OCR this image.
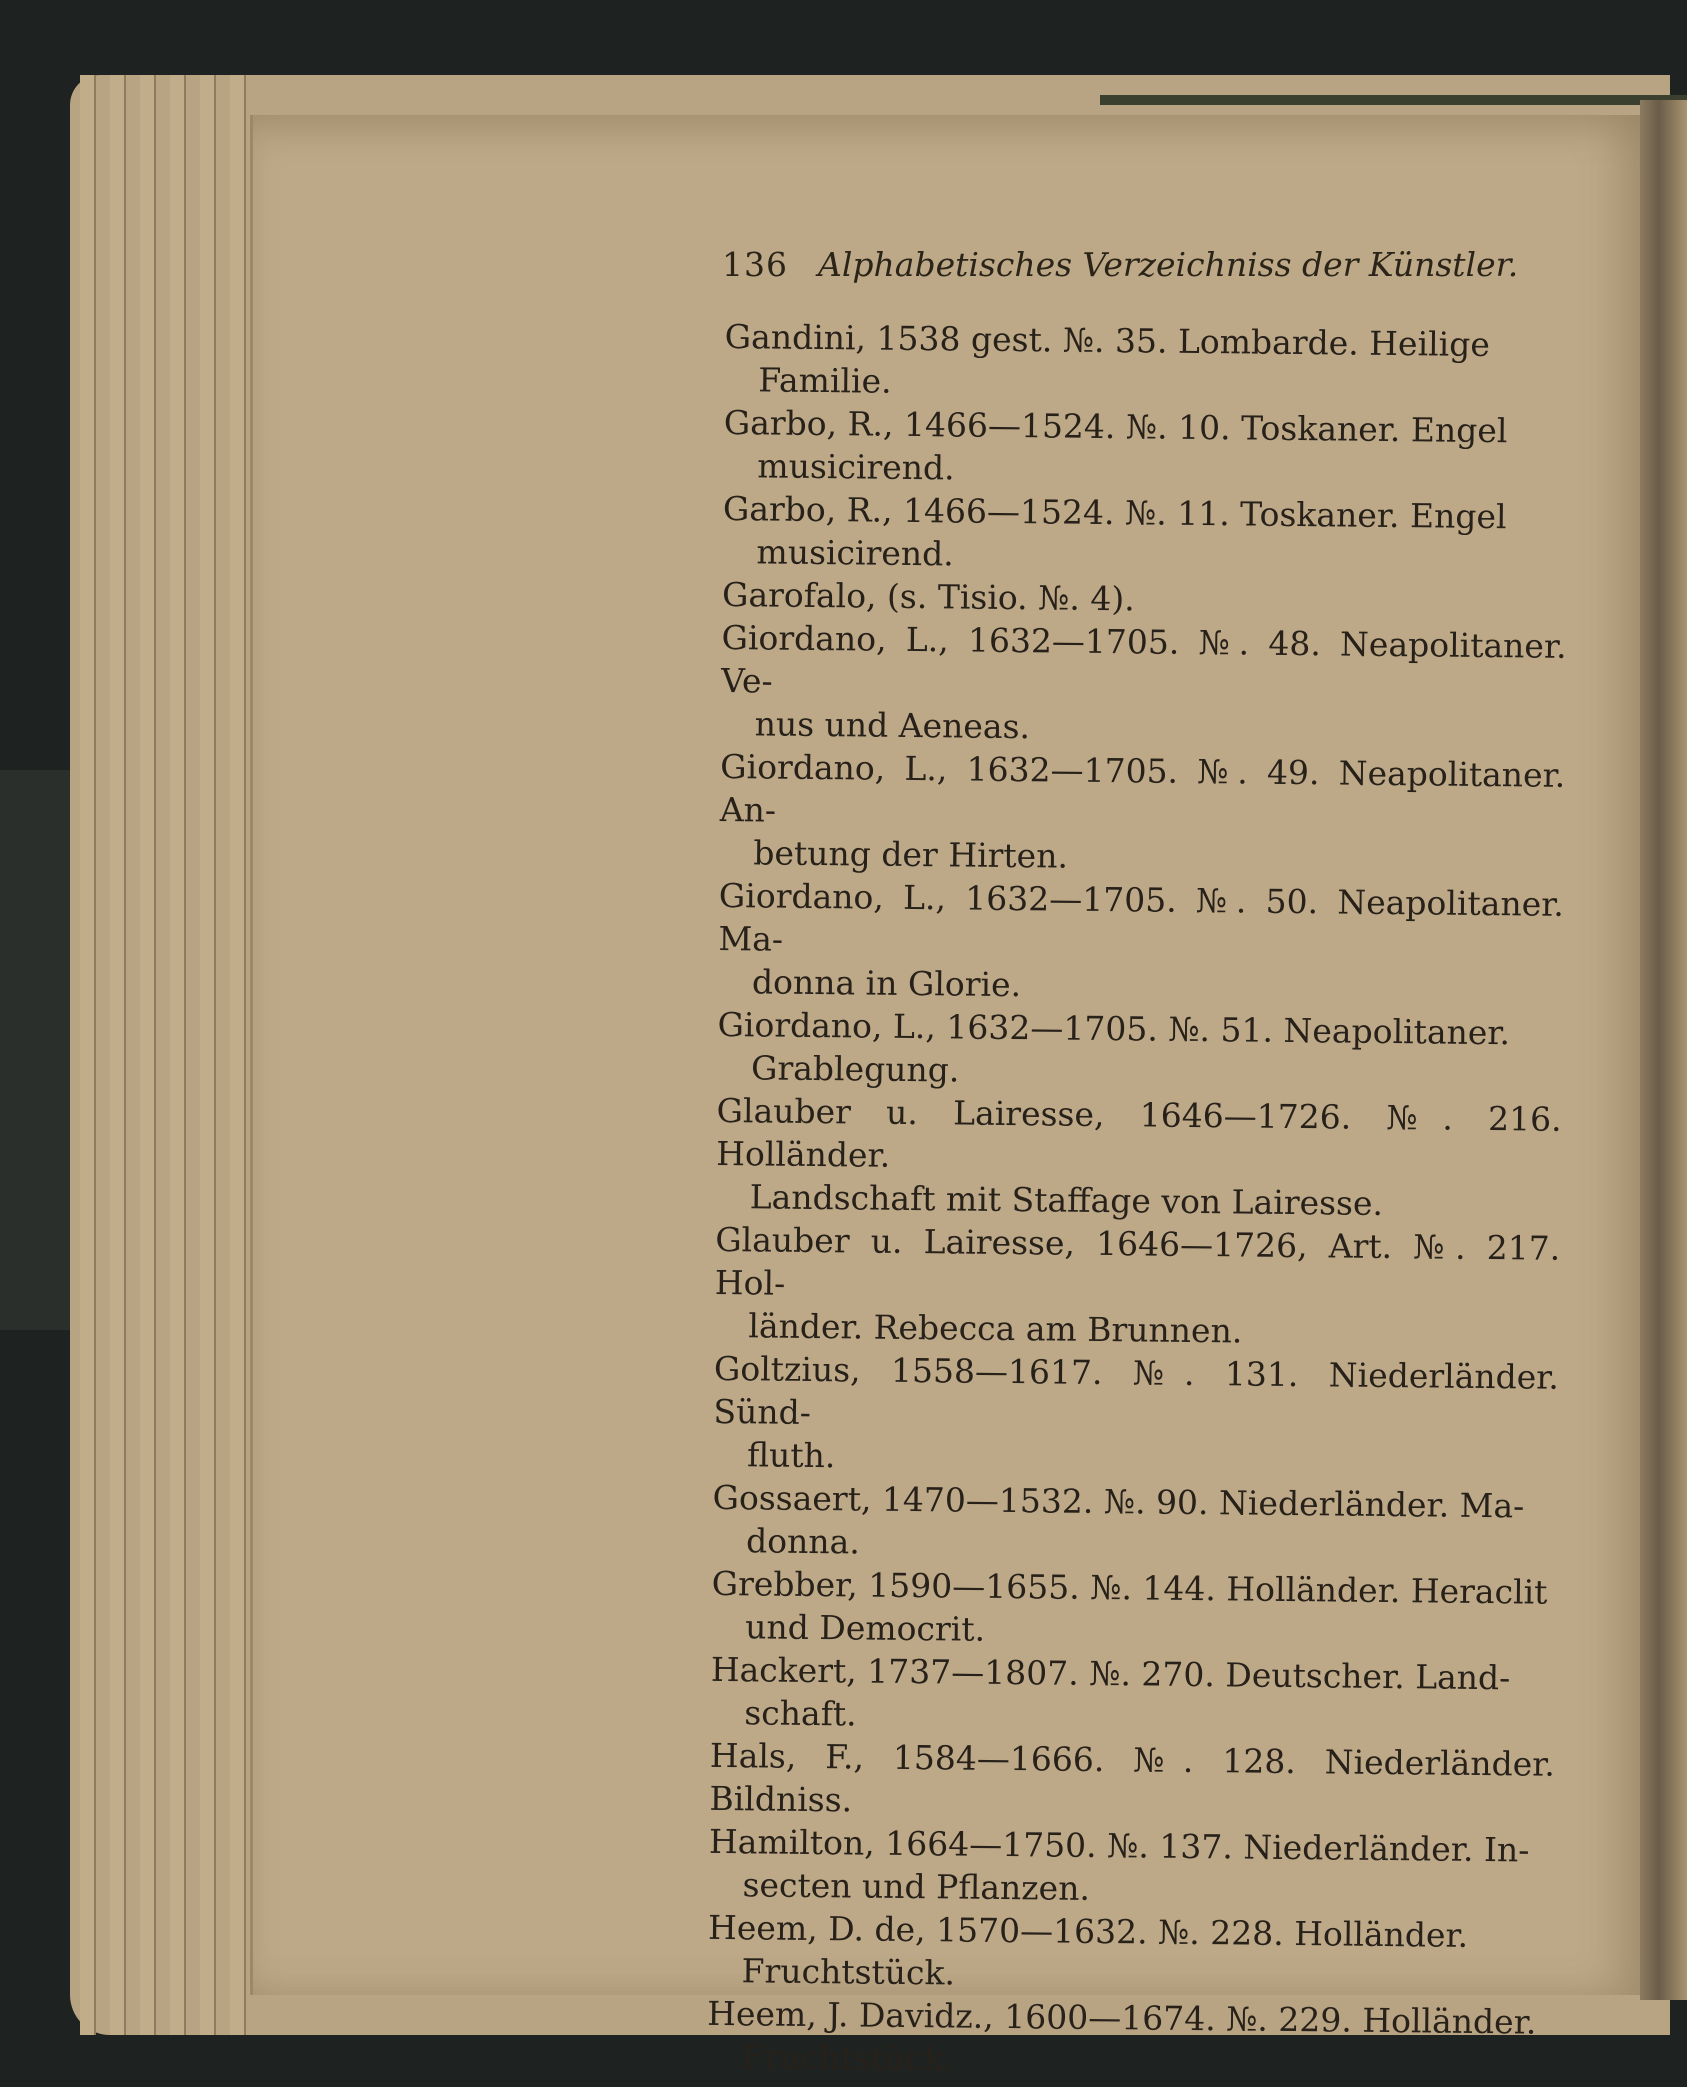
136 Alphabetisches Verzeichniss der Künstler.
Gandini, 1538 gest. №. 35. Lombarde. Heilige
Familie.
Garbo, R., 1466—1524. №. 10. Toskaner. Engel
musicirend.
Garbo, R., 1466—1524. №. 11. Toskaner. Engel
musicirend.
Garofalo, (s. Tisio. №. 4).
Giordano, L., 1632—1705. №. 48. Neapolitaner. Ve-
nus und Aeneas.
Giordano, L., 1632—1705. №. 49. Neapolitaner. An-
betung der Hirten.
Giordano, L., 1632—1705. №. 50. Neapolitaner. Ma-
donna in Glorie.
Giordano, L., 1632—1705. №. 51. Neapolitaner.
Grablegung.
Glauber u. Lairesse, 1646—1726. №. 216. Holländer.
Landschaft mit Staffage von Lairesse.
Glauber u. Lairesse, 1646—1726, Art. №. 217. Hol-
länder. Rebecca am Brunnen.
Goltzius, 1558—1617. №. 131. Niederländer. Sünd-
fluth.
Gossaert, 1470—1532. №. 90. Niederländer. Ma-
donna.
Grebber, 1590—1655. №. 144. Holländer. Heraclit
und Democrit.
Hackert, 1737—1807. №. 270. Deutscher. Land-
schaft.
Hals, F., 1584—1666. №. 128. Niederländer. Bildniss.
Hamilton, 1664—1750. №. 137. Niederländer. In-
secten und Pflanzen.
Heem, D. de, 1570—1632. №. 228. Holländer.
Fruchtstück.
Heem, J. Davidz., 1600—1674. №. 229. Holländer.
Fruchtstück.
